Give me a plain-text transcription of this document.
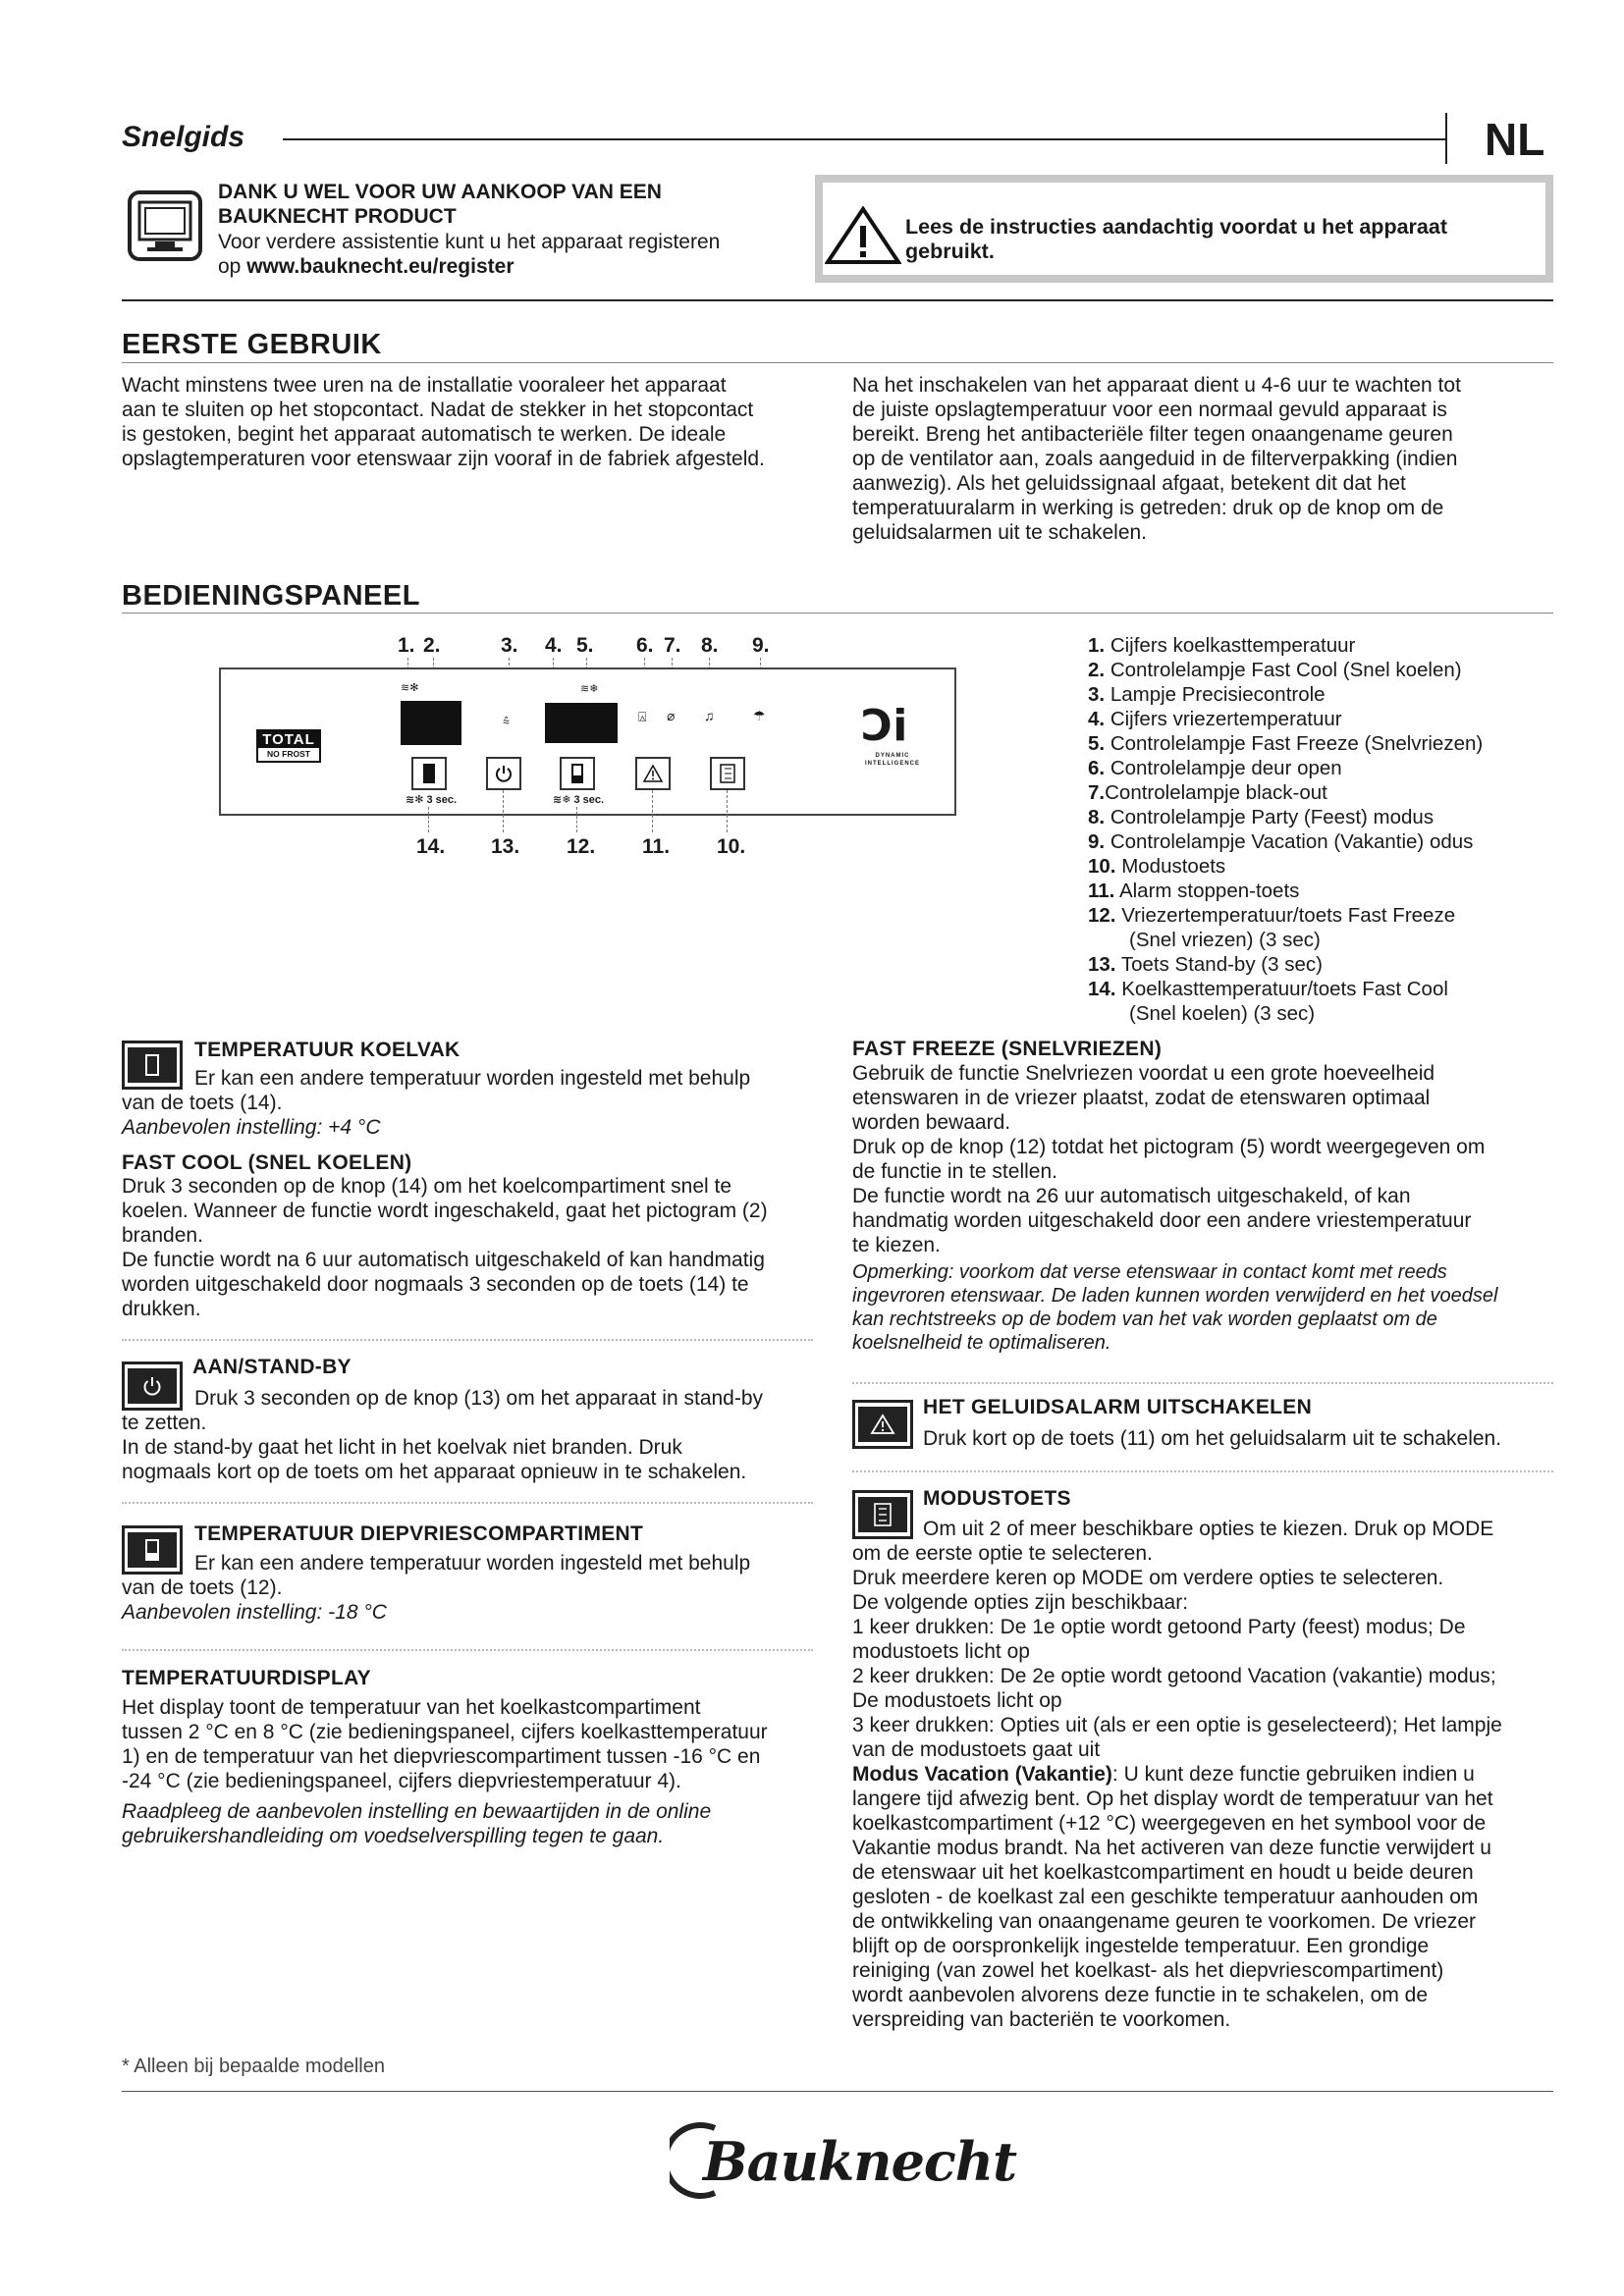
Snelgids	NL
DANK U WEL VOOR UW AANKOOP VAN EEN
BAUKNECHT PRODUCT
Voor verdere assistentie kunt u het apparaat registeren
op www.bauknecht.eu/register
Lees de instructies aandachtig voordat u het apparaat
gebruikt.
EERSTE GEBRUIK

Wacht minstens twee uren na de installatie vooraleer het apparaat

aan te sluiten op het stopcontact. Nadat de stekker in het stopcontact

is gestoken, begint het apparaat automatisch te werken. De ideale

opslagtemperaturen voor etenswaar zijn vooraf in de fabriek afgesteld.

Na het inschakelen van het apparaat dient u 4-6 uur te wachten tot

de juiste opslagtemperatuur voor een normaal gevuld apparaat is

bereikt. Breng het antibacteriële filter tegen onaangename geuren

op de ventilator aan, zoals aangeduid in de filterverpakking (indien

aanwezig). Als het geluidssignaal afgaat, betekent dit dat het

temperatuuralarm in werking is getreden: druk op de knop om de

geluidsalarmen uit te schakelen.

BEDIENINGSPANEEL
1. 2.	3. 4. 5. 6. 7. 8. 9.
TOTAL
NO FROST
≋✻
⩯
≋❄
⍓ ⌀ ♫	☂
≋✻ 3 sec.	≋❄ 3 sec.
Ɔi
DYNAMIC INTELLIGENCE
14. 13. 12. 11. 10.
1. Cijfers koelkasttemperatuur
2. Controlelampje Fast Cool (Snel koelen)
3. Lampje Precisiecontrole
4. Cijfers vriezertemperatuur
5. Controlelampje Fast Freeze (Snelvriezen)
6. Controlelampje deur open
7.Controlelampje black-out
8. Controlelampje Party (Feest) modus
9. Controlelampje Vacation (Vakantie) odus
10. Modustoets
11. Alarm stoppen-toets
12. Vriezertemperatuur/toets Fast Freeze
(Snel vriezen) (3 sec)
13. Toets Stand-by (3 sec)
14. Koelkasttemperatuur/toets Fast Cool
(Snel koelen) (3 sec)
TEMPERATUUR KOELVAK

Er kan een andere temperatuur worden ingesteld met behulp

van de toets (14).

Aanbevolen instelling: +4 °C

FAST COOL (SNEL KOELEN)

Druk 3 seconden op de knop (14) om het koelcompartiment snel te

koelen. Wanneer de functie wordt ingeschakeld, gaat het pictogram (2)

branden.

De functie wordt na 6 uur automatisch uitgeschakeld of kan handmatig

worden uitgeschakeld door nogmaals 3 seconden op de toets (14) te

drukken.

AAN/STAND-BY

Druk 3 seconden op de knop (13) om het apparaat in stand-by

te zetten.

In de stand-by gaat het licht in het koelvak niet branden. Druk

nogmaals kort op de toets om het apparaat opnieuw in te schakelen.

TEMPERATUUR DIEPVRIESCOMPARTIMENT

Er kan een andere temperatuur worden ingesteld met behulp

van de toets (12).

Aanbevolen instelling: -18 °C

TEMPERATUURDISPLAY

Het display toont de temperatuur van het koelkastcompartiment

tussen 2 °C en 8 °C (zie bedieningspaneel, cijfers koelkasttemperatuur

1) en de temperatuur van het diepvriescompartiment tussen -16 °C en

-24 °C (zie bedieningspaneel, cijfers diepvriestemperatuur 4).

Raadpleeg de aanbevolen instelling en bewaartijden in de online

gebruikershandleiding om voedselverspilling tegen te gaan.

FAST FREEZE (SNELVRIEZEN)

Gebruik de functie Snelvriezen voordat u een grote hoeveelheid

etenswaren in de vriezer plaatst, zodat de etenswaren optimaal

worden bewaard.

Druk op de knop (12) totdat het pictogram (5) wordt weergegeven om

de functie in te stellen.

De functie wordt na 26 uur automatisch uitgeschakeld, of kan

handmatig worden uitgeschakeld door een andere vriestemperatuur

te kiezen.

Opmerking: voorkom dat verse etenswaar in contact komt met reeds

ingevroren etenswaar. De laden kunnen worden verwijderd en het voedsel

kan rechtstreeks op de bodem van het vak worden geplaatst om de

koelsnelheid te optimaliseren.

HET GELUIDSALARM UITSCHAKELEN

Druk kort op de toets (11) om het geluidsalarm uit te schakelen.

MODUSTOETS

Om uit 2 of meer beschikbare opties te kiezen. Druk op MODE

om de eerste optie te selecteren.

Druk meerdere keren op MODE om verdere opties te selecteren.

De volgende opties zijn beschikbaar:

1 keer drukken: De 1e optie wordt getoond Party (feest) modus; De

modustoets licht op

2 keer drukken: De 2e optie wordt getoond Vacation (vakantie) modus;

De modustoets licht op

3 keer drukken: Opties uit (als er een optie is geselecteerd); Het lampje

van de modustoets gaat uit

Modus Vacation (Vakantie): U kunt deze functie gebruiken indien u

langere tijd afwezig bent. Op het display wordt de temperatuur van het

koelkastcompartiment (+12 °C) weergegeven en het symbool voor de

Vakantie modus brandt. Na het activeren van deze functie verwijdert u

de etenswaar uit het koelkastcompartiment en houdt u beide deuren

gesloten - de koelkast zal een geschikte temperatuur aanhouden om

de ontwikkeling van onaangename geuren te voorkomen. De vriezer

blijft op de oorspronkelijk ingestelde temperatuur. Een grondige

reiniging (van zowel het koelkast- als het diepvriescompartiment)

wordt aanbevolen alvorens deze functie in te schakelen, om de

verspreiding van bacteriën te voorkomen.

* Alleen bij bepaalde modellen
Bauknecht
